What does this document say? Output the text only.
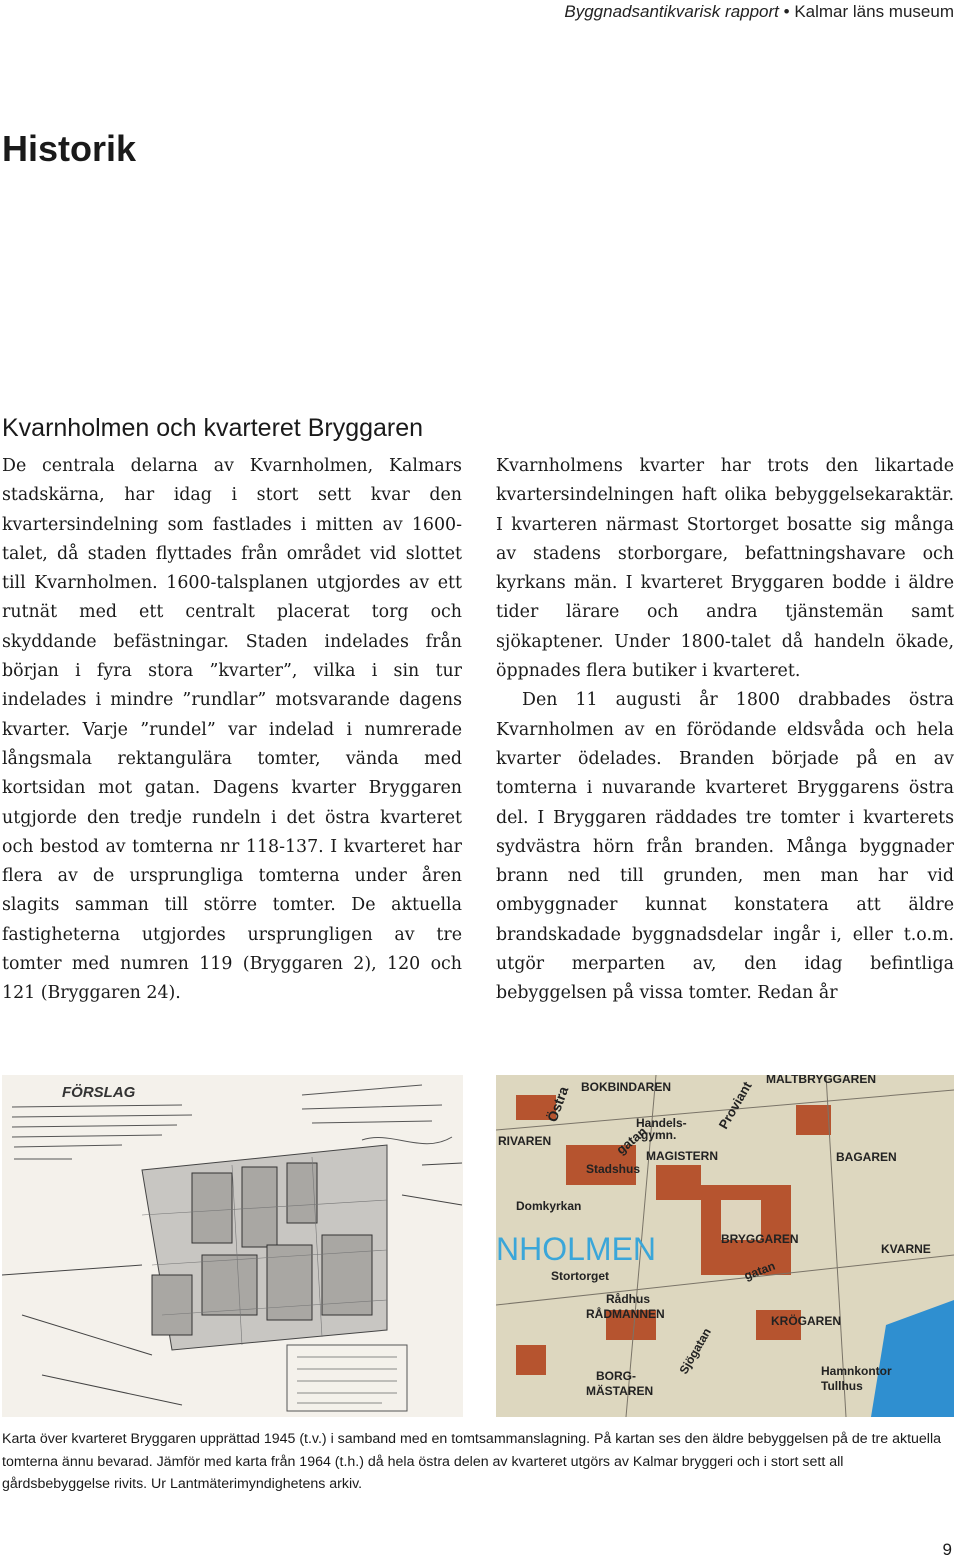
Byggnadsantikvarisk rapport • Kalmar läns museum
Historik
Kvarnholmen och kvarteret Bryggaren

De centrala delarna av Kvarnholmen, Kalmars stadskärna, har idag i stort sett kvar den kvartersindelning som fastlades i mitten av 1600-talet, då staden flyttades från området vid slottet till Kvarnholmen. 1600-talsplanen utgjordes av ett rutnät med ett centralt placerat torg och skyddande befästningar. Staden indelades från början i fyra stora ”kvarter”, vilka i sin tur indelades i mindre ”rundlar” motsvarande dagens kvarter. Varje ”rundel” var indelad i numrerade långsmala rektangulära tomter, vända med kortsidan mot gatan. Dagens kvarter Bryggaren utgjorde den tredje rundeln i det östra kvarteret och bestod av tomterna nr 118-137. I kvarteret har flera av de ursprungliga tomterna under åren slagits samman till större tomter. De aktuella fastigheterna utgjordes ursprungligen av tre tomter med numren 119 (Bryggaren 2), 120 och 121 (Bryggaren 24).

Kvarnholmens kvarter har trots den likartade kvartersindelningen haft olika bebyggelsekaraktär. I kvarteren närmast Stortorget bosatte sig många av stadens storborgare, befattningshavare och kyrkans män. I kvarteret Bryggaren bodde i äldre tider lärare och andra tjänstemän samt sjökaptener. Under 1800-talet då handeln ökade, öppnades flera butiker i kvarteret.

Den 11 augusti år 1800 drabbades östra Kvarnholmen av en förödande eldsvåda och hela kvarter ödelades. Branden började på en av tomterna i nuvarande kvarteret Bryggarens östra del. I Bryggaren räddades tre tomter i kvarterets sydvästra hörn från branden. Många byggnader brann ned till grunden, men man har vid ombyggnader kunnat konstatera att äldre brandskadade byggnadsdelar ingår i, eller t.o.m. utgör merparten av, den idag befintliga bebyggelsen på vissa tomter. Redan år

FÖRSLAG	BOKBINDAREN
MALTBRYGGAREN
Östra
gatan
Proviant
RIVAREN
Handels-
gymn.
MAGISTERN	BAGAREN
Stadshus
Domkyrkan
NHOLMEN	BRYGGAREN
KVARNE
Stortorget	gatan
Rådhus
RÅDMANNEN	KRÖGAREN
Sjögatan
BORG-
MÄSTAREN
Hamnkontor
Tullhus

Karta över kvarteret Bryggaren upprättad 1945 (t.v.) i samband med en tomtsammanslagning. På kartan ses den äldre bebyggelsen på de tre aktuella tomterna ännu bevarad. Jämför med karta från 1964 (t.h.) då hela östra delen av kvarteret utgörs av Kalmar bryggeri och i stort sett all gårdsbebyggelse rivits. Ur Lantmäterimyndighetens arkiv.

9
